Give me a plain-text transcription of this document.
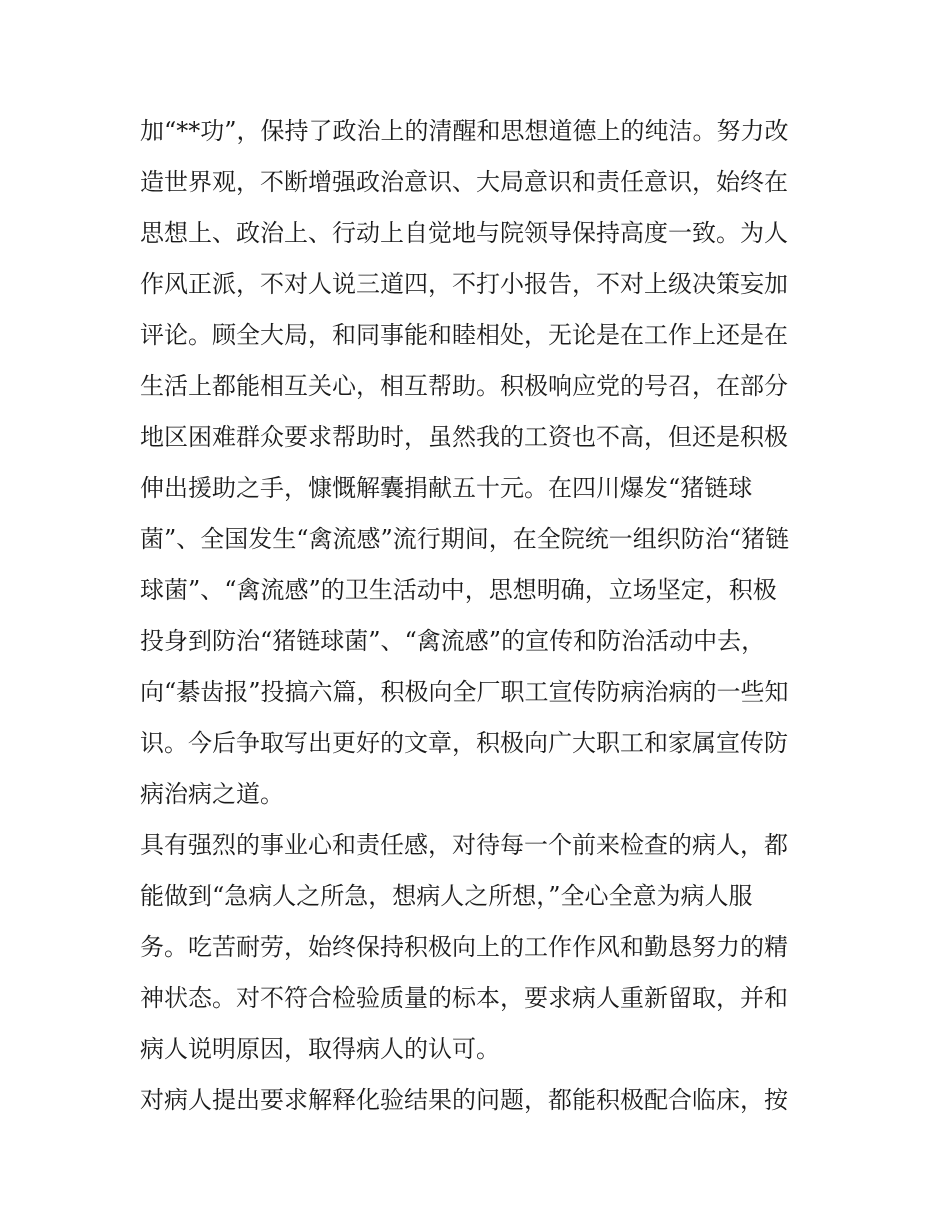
加“**功”，保持了政治上的清醒和思想道德上的纯洁。努力改
造世界观，不断增强政治意识、大局意识和责任意识，始终在
思想上、政治上、行动上自觉地与院领导保持高度一致。为人
作风正派，不对人说三道四，不打小报告，不对上级决策妄加
评论。顾全大局，和同事能和睦相处，无论是在工作上还是在
生活上都能相互关心，相互帮助。积极响应党的号召，在部分
地区困难群众要求帮助时，虽然我的工资也不高，但还是积极
伸出援助之手，慷慨解囊捐献五十元。在四川爆发“猪链球
菌”、全国发生“禽流感”流行期间，在全院统一组织防治“猪链
球菌”、“禽流感”的卫生活动中，思想明确，立场坚定，积极
投身到防治“猪链球菌”、“禽流感”的宣传和防治活动中去，
向“綦齿报”投搞六篇，积极向全厂职工宣传防病治病的一些知
识。今后争取写出更好的文章，积极向广大职工和家属宣传防
病治病之道。
具有强烈的事业心和责任感，对待每一个前来检查的病人，都
能做到“急病人之所急，想病人之所想，”全心全意为病人服
务。吃苦耐劳，始终保持积极向上的工作作风和勤恳努力的精
神状态。对不符合检验质量的标本，要求病人重新留取，并和
病人说明原因，取得病人的认可。
对病人提出要求解释化验结果的问题，都能积极配合临床，按
